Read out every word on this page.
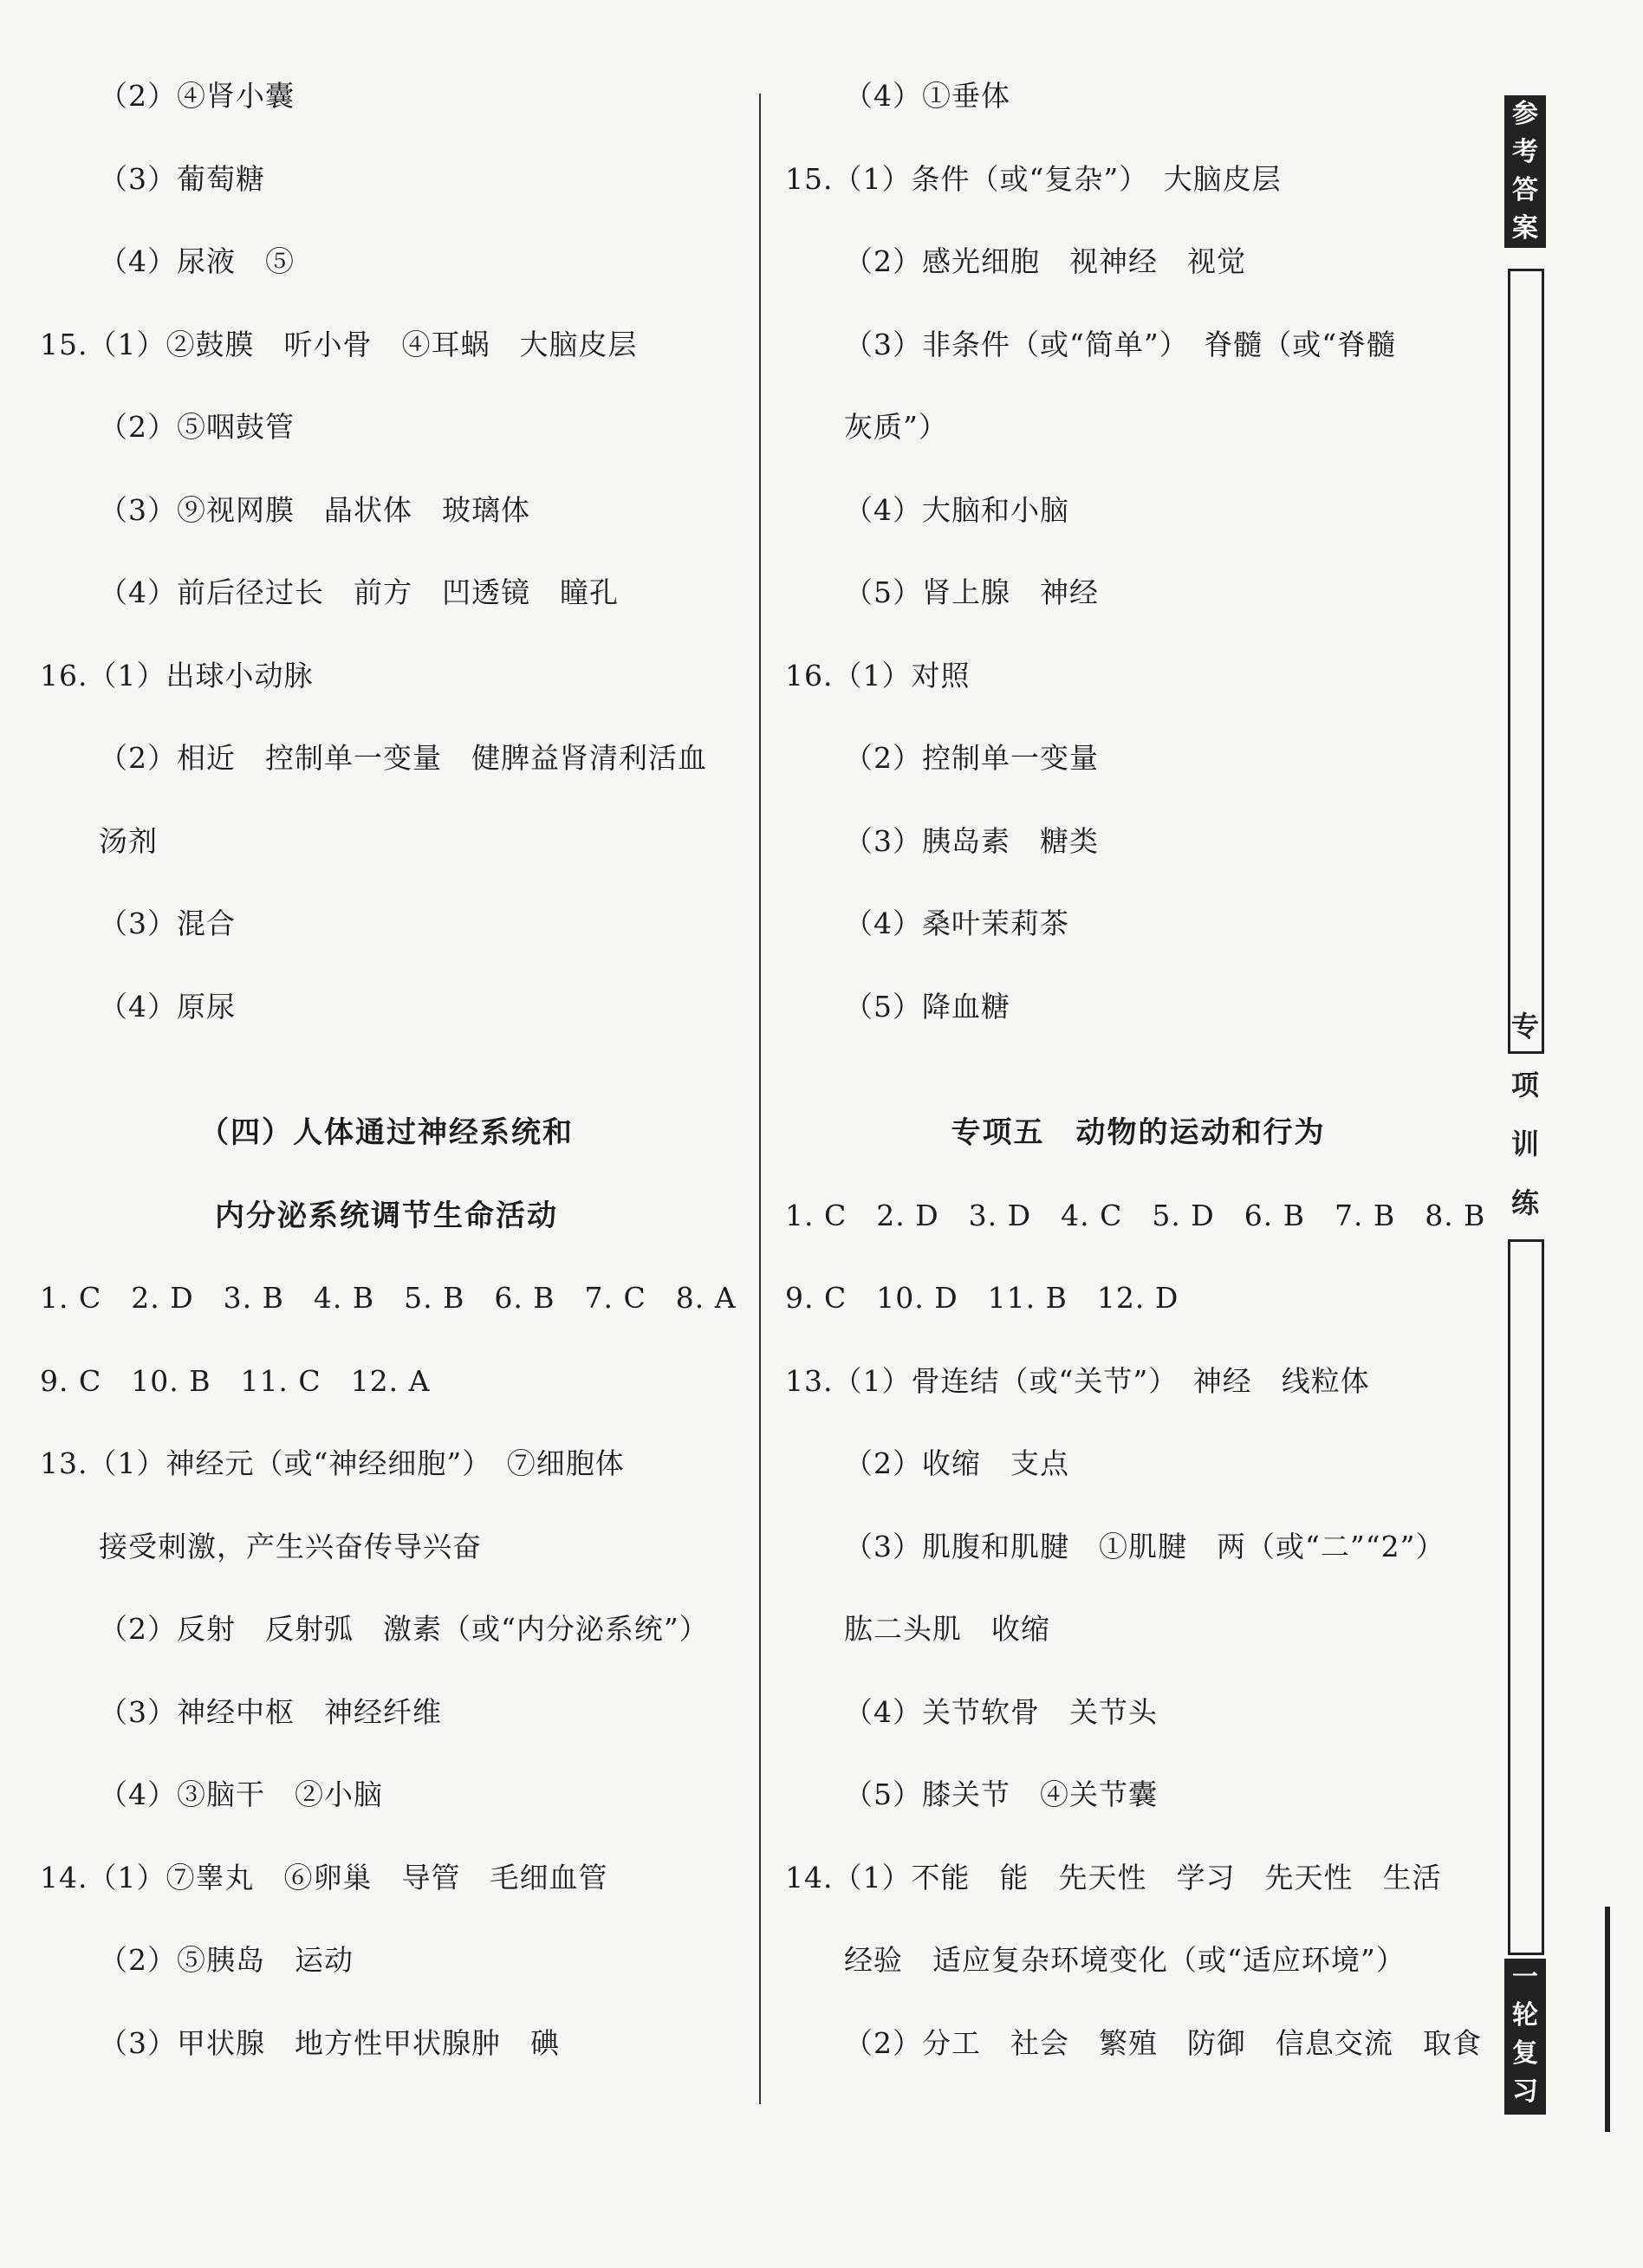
（2）④肾小囊
（3）葡萄糖
（4）尿液　⑤
15.（1）②鼓膜　听小骨　④耳蜗　大脑皮层
（2）⑤咽鼓管
（3）⑨视网膜　晶状体　玻璃体
（4）前后径过长　前方　凹透镜　瞳孔
16.（1）出球小动脉
（2）相近　控制单一变量　健脾益肾清利活血
汤剂
（3）混合
（4）原尿
（四）人体通过神经系统和
内分泌系统调节生命活动
1. C　2. D　3. B　4. B　5. B　6. B　7. C　8. A
9. C　10. B　11. C　12. A
13.（1）神经元（或“神经细胞”）　⑦细胞体
接受刺激，产生兴奋传导兴奋
（2）反射　反射弧　激素（或“内分泌系统”）
（3）神经中枢　神经纤维
（4）③脑干　②小脑
14.（1）⑦睾丸　⑥卵巢　导管　毛细血管
（2）⑤胰岛　运动
（3）甲状腺　地方性甲状腺肿　碘
（4）①垂体
15.（1）条件（或“复杂”）　大脑皮层
（2）感光细胞　视神经　视觉
（3）非条件（或“简单”）　脊髓（或“脊髓
灰质”）
（4）大脑和小脑
（5）肾上腺　神经
16.（1）对照
（2）控制单一变量
（3）胰岛素　糖类
（4）桑叶茉莉茶
（5）降血糖
专项五　动物的运动和行为
1. C　2. D　3. D　4. C　5. D　6. B　7. B　8. B
9. C　10. D　11. B　12. D
13.（1）骨连结（或“关节”）　神经　线粒体
（2）收缩　支点
（3）肌腹和肌腱　①肌腱　两（或“二”“2”）
肱二头肌　收缩
（4）关节软骨　关节头
（5）膝关节　④关节囊
14.（1）不能　能　先天性　学习　先天性　生活
经验　适应复杂环境变化（或“适应环境”）
（2）分工　社会　繁殖　防御　信息交流　取食
参
考
答
案
专
项
训
练
一
轮
复
习
